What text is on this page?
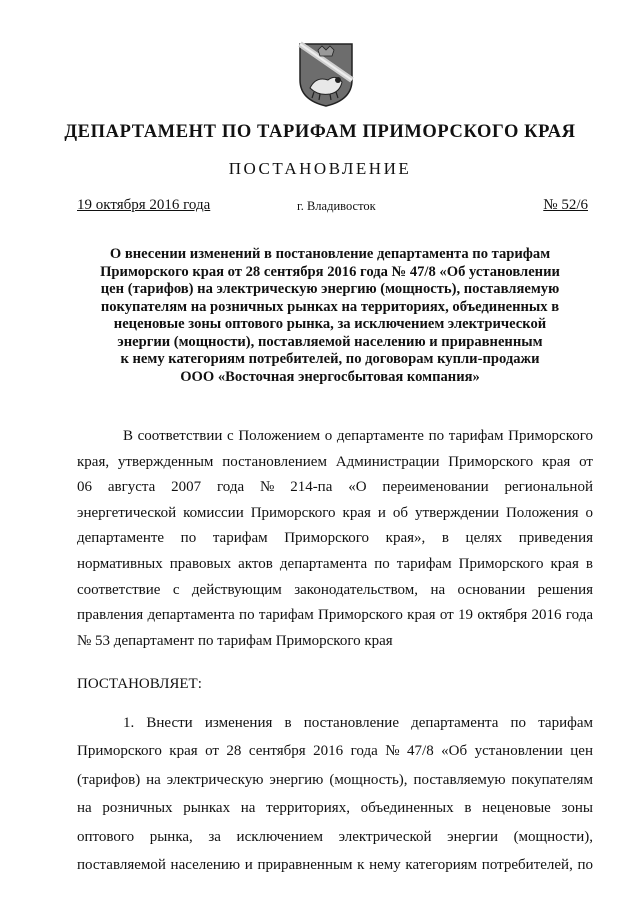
ДЕПАРТАМЕНТ ПО ТАРИФАМ ПРИМОРСКОГО КРАЯ
ПОСТАНОВЛЕНИЕ
19 октября 2016 года	г. Владивосток	№ 52/6
О внесении изменений в постановление департамента по тарифам
Приморского края от 28 сентября 2016 года № 47/8 «Об установлении
цен (тарифов) на электрическую энергию (мощность), поставляемую
покупателям на розничных рынках на территориях, объединенных в
неценовые зоны оптового рынка, за исключением электрической
энергии (мощности), поставляемой населению и приравненным
к нему категориям потребителей, по договорам купли-продажи
ООО «Восточная энергосбытовая компания»
В соответствии с Положением о департаменте по тарифам Приморского
края, утвержденным постановлением Администрации Приморского края от
06 августа 2007 года № 214-па «О переименовании региональной
энергетической комиссии Приморского края и об утверждении Положения о
департаменте по тарифам Приморского края», в целях приведения
нормативных правовых актов департамента по тарифам Приморского края в
соответствие с действующим законодательством, на основании решения
правления департамента по тарифам Приморского края от 19 октября 2016 года
№ 53 департамент по тарифам Приморского края
ПОСТАНОВЛЯЕТ:
1. Внести изменения в постановление департамента по тарифам
Приморского края от 28 сентября 2016 года № 47/8 «Об установлении цен
(тарифов) на электрическую энергию (мощность), поставляемую покупателям
на розничных рынках на территориях, объединенных в неценовые зоны
оптового рынка, за исключением электрической энергии (мощности),
поставляемой населению и приравненным к нему категориям потребителей, по
